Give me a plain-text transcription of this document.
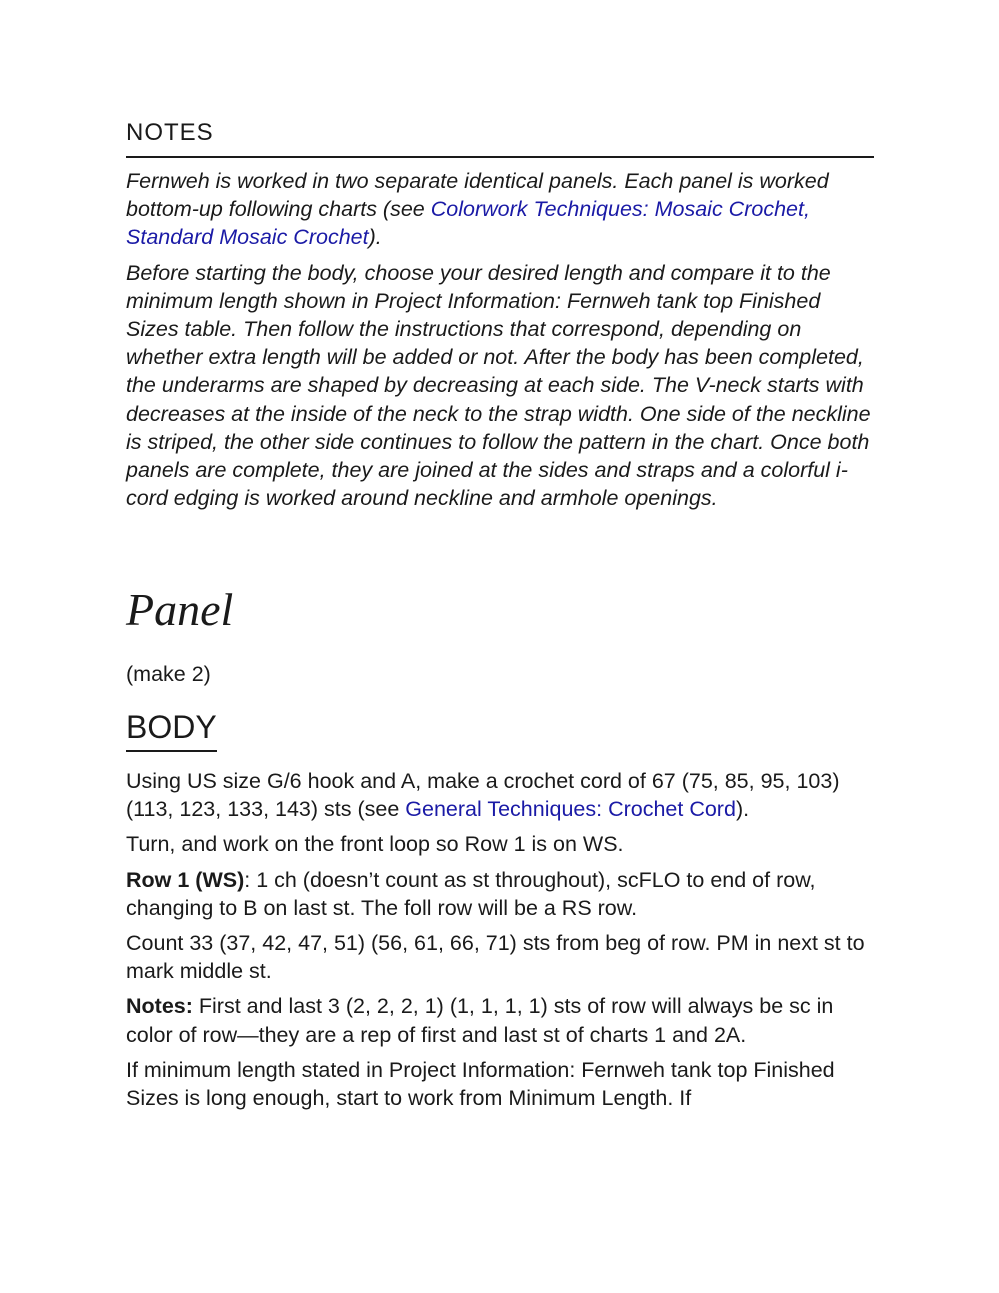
NOTES

Fernweh is worked in two separate identical panels. Each panel is worked bottom-up following charts (see Colorwork Techniques: Mosaic Crochet, Standard Mosaic Crochet).

Before starting the body, choose your desired length and compare it to the minimum length shown in Project Information: Fernweh tank top Finished Sizes table. Then follow the instructions that correspond, depending on whether extra length will be added or not. After the body has been completed, the underarms are shaped by decreasing at each side. The V-neck starts with decreases at the inside of the neck to the strap width. One side of the neckline is striped, the other side continues to follow the pattern in the chart. Once both panels are complete, they are joined at the sides and straps and a colorful i-cord edging is worked around neckline and armhole openings.

Panel
(make 2)
BODY

Using US size G/6 hook and A, make a crochet cord of 67 (75, 85, 95, 103) (113, 123, 133, 143) sts (see General Techniques: Crochet Cord).

Turn, and work on the front loop so Row 1 is on WS.

Row 1 (WS): 1 ch (doesn’t count as st throughout), scFLO to end of row, changing to B on last st. The foll row will be a RS row.

Count 33 (37, 42, 47, 51) (56, 61, 66, 71) sts from beg of row. PM in next st to mark middle st.

Notes: First and last 3 (2, 2, 2, 1) (1, 1, 1, 1) sts of row will always be sc in color of row—they are a rep of first and last st of charts 1 and 2A.

If minimum length stated in Project Information: Fernweh tank top Finished Sizes is long enough, start to work from Minimum Length. If
